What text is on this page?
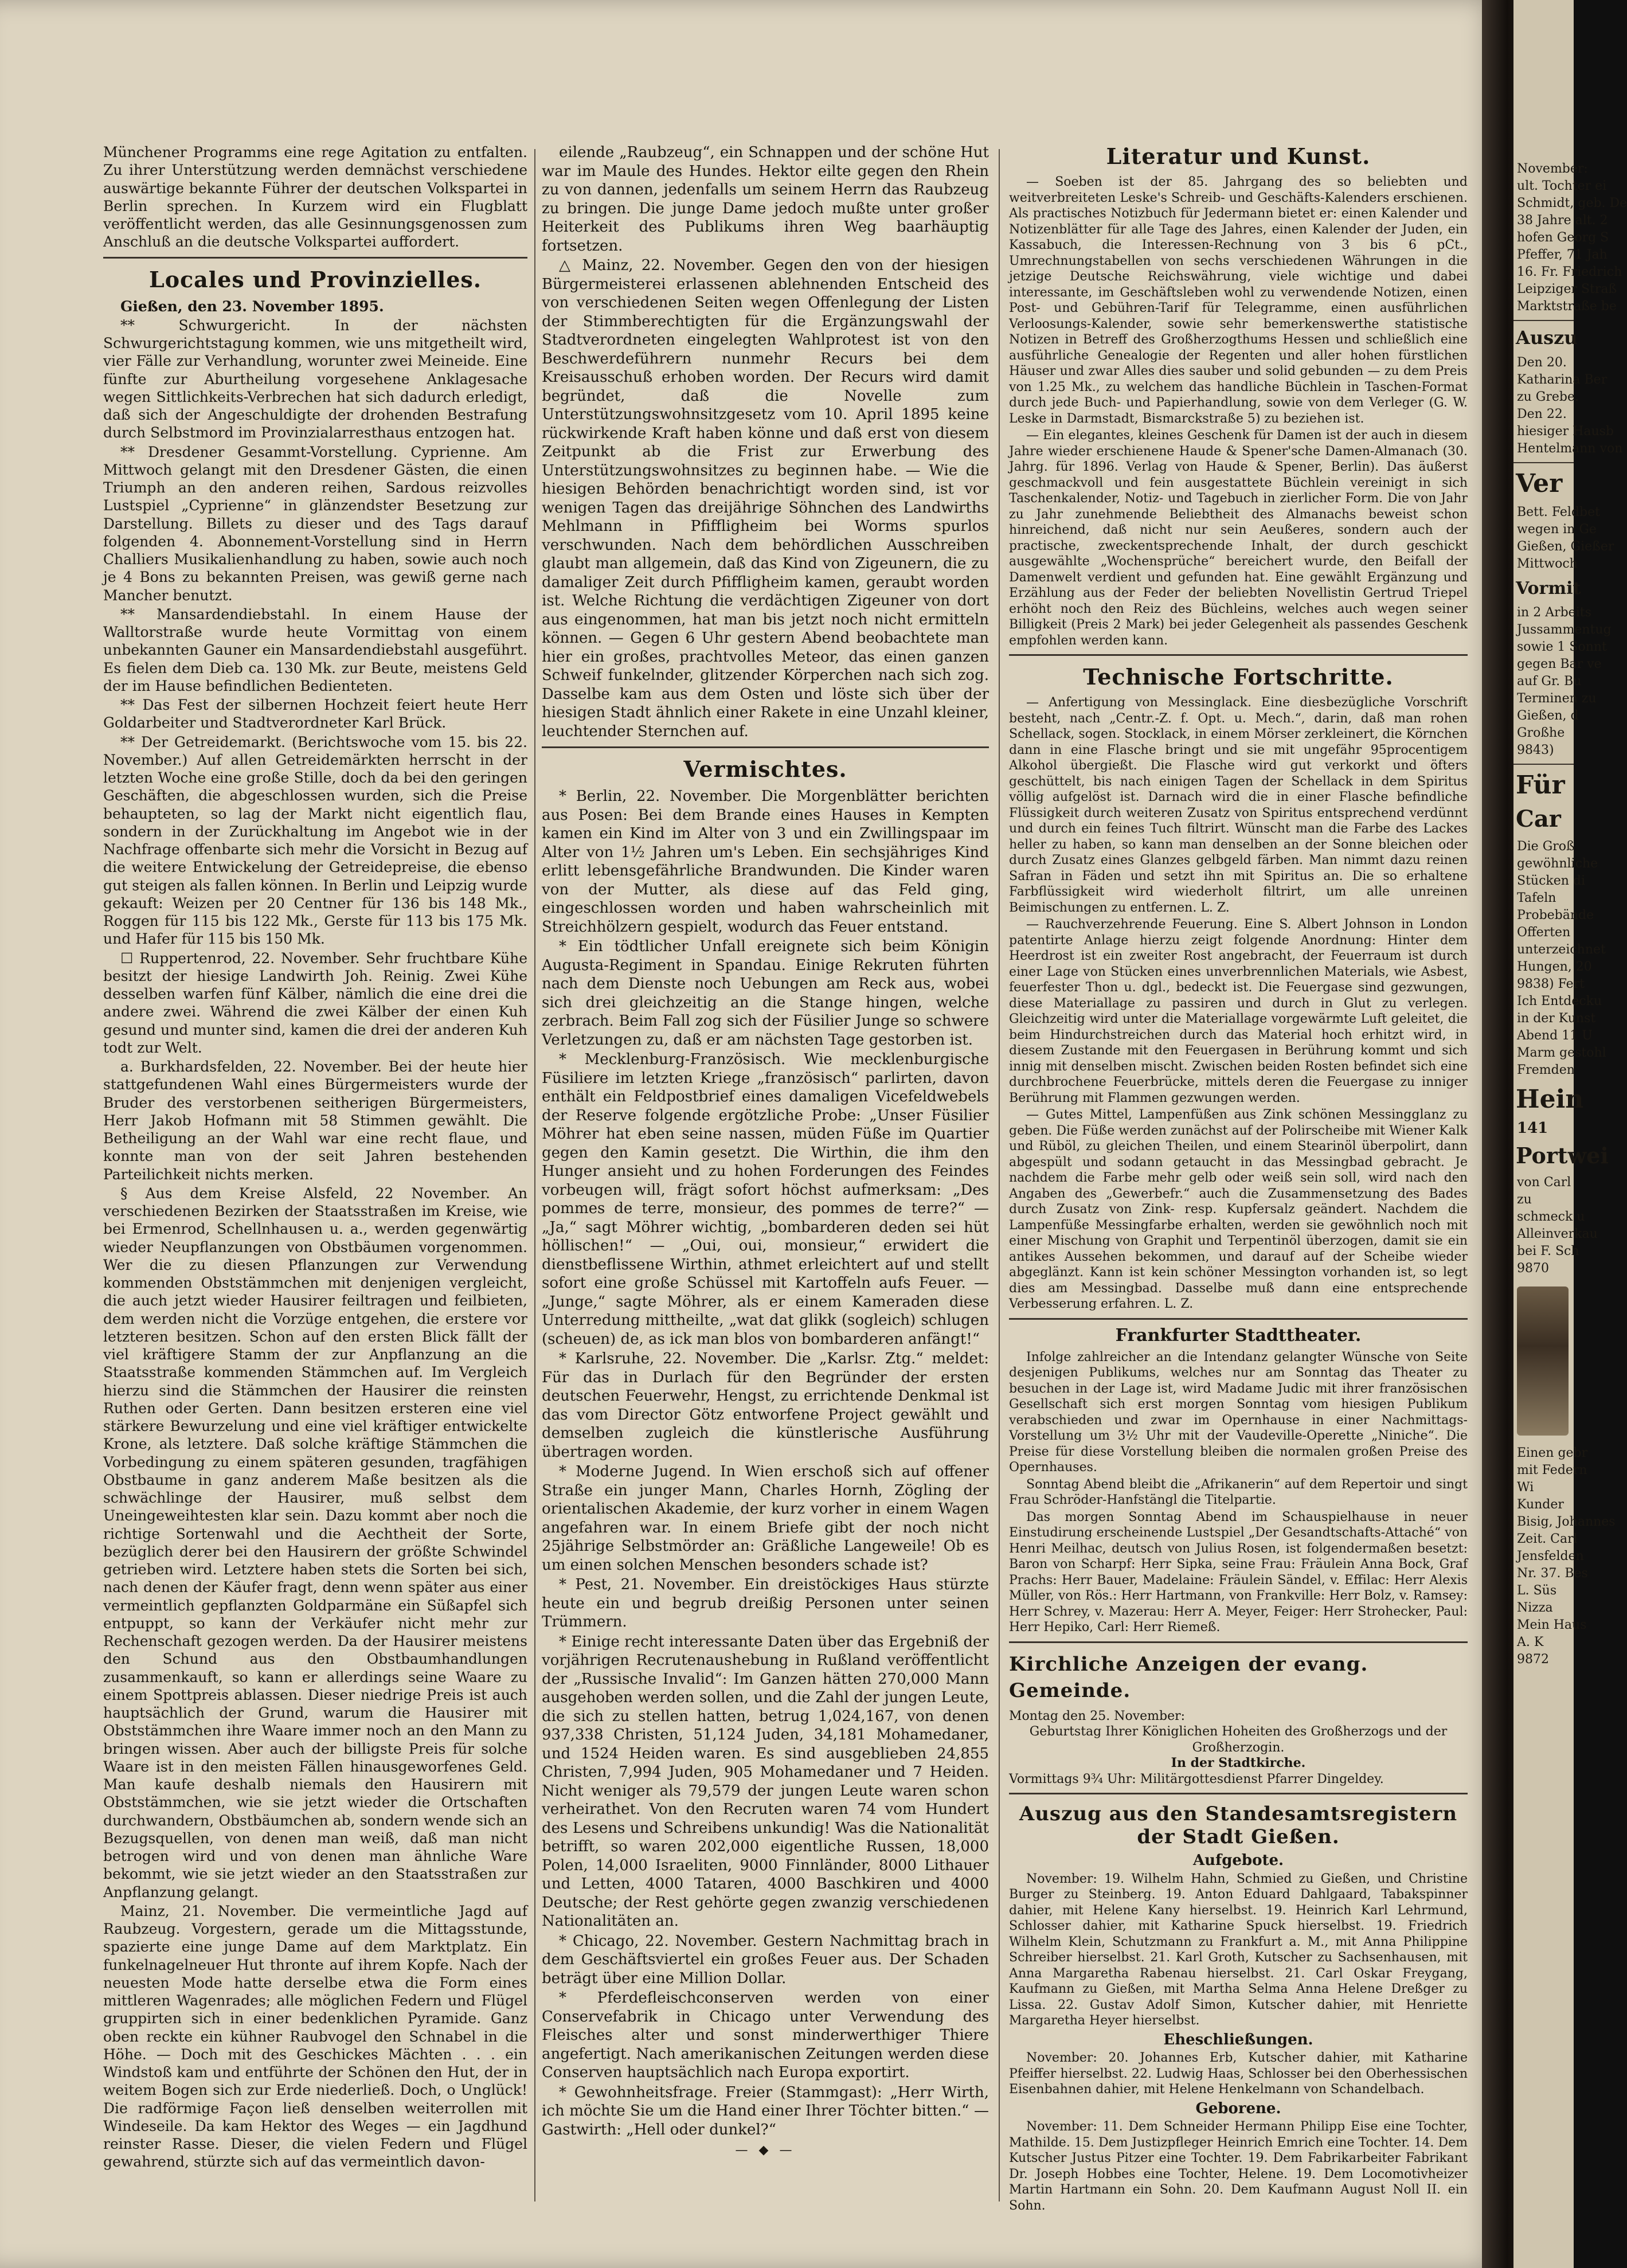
Münchener Programms eine rege Agitation zu entfalten. Zu ihrer Unterstützung werden demnächst verschiedene auswärtige bekannte Führer der deutschen Volkspartei in Berlin sprechen. In Kurzem wird ein Flugblatt veröffentlicht werden, das alle Gesinnungsgenossen zum Anschluß an die deutsche Volkspartei auffordert.

Locales und Provinzielles.

Gießen, den 23. November 1895.

** Schwurgericht. In der nächsten Schwurgerichtstagung kommen, wie uns mitgetheilt wird, vier Fälle zur Verhandlung, worunter zwei Meineide. Eine fünfte zur Aburtheilung vorgesehene Anklagesache wegen Sittlichkeits-Verbrechen hat sich dadurch erledigt, daß sich der Angeschuldigte der drohenden Bestrafung durch Selbstmord im Provinzialarresthaus entzogen hat.

** Dresdener Gesammt-Vorstellung. Cyprienne. Am Mittwoch gelangt mit den Dresdener Gästen, die einen Triumph an den anderen reihen, Sardous reizvolles Lustspiel „Cyprienne“ in glänzendster Besetzung zur Darstellung. Billets zu dieser und des Tags darauf folgenden 4. Abonnement-Vorstellung sind in Herrn Challiers Musikalienhandlung zu haben, sowie auch noch je 4 Bons zu bekannten Preisen, was gewiß gerne nach Mancher benutzt.

** Mansardendiebstahl. In einem Hause der Walltorstraße wurde heute Vormittag von einem unbekannten Gauner ein Mansardendiebstahl ausgeführt. Es fielen dem Dieb ca. 130 Mk. zur Beute, meistens Geld der im Hause befindlichen Bedienteten.

** Das Fest der silbernen Hochzeit feiert heute Herr Goldarbeiter und Stadtverordneter Karl Brück.

** Der Getreidemarkt. (Berichtswoche vom 15. bis 22. November.) Auf allen Getreidemärkten herrscht in der letzten Woche eine große Stille, doch da bei den geringen Geschäften, die abgeschlossen wurden, sich die Preise behaupteten, so lag der Markt nicht eigentlich flau, sondern in der Zurückhaltung im Angebot wie in der Nachfrage offenbarte sich mehr die Vorsicht in Bezug auf die weitere Entwickelung der Getreidepreise, die ebenso gut steigen als fallen können. In Berlin und Leipzig wurde gekauft: Weizen per 20 Centner für 136 bis 148 Mk., Roggen für 115 bis 122 Mk., Gerste für 113 bis 175 Mk. und Hafer für 115 bis 150 Mk.

☐ Ruppertenrod, 22. November. Sehr fruchtbare Kühe besitzt der hiesige Landwirth Joh. Reinig. Zwei Kühe desselben warfen fünf Kälber, nämlich die eine drei die andere zwei. Während die zwei Kälber der einen Kuh gesund und munter sind, kamen die drei der anderen Kuh todt zur Welt.

a. Burkhardsfelden, 22. November. Bei der heute hier stattgefundenen Wahl eines Bürgermeisters wurde der Bruder des verstorbenen seitherigen Bürgermeisters, Herr Jakob Hofmann mit 58 Stimmen gewählt. Die Betheiligung an der Wahl war eine recht flaue, und konnte man von der seit Jahren bestehenden Parteilichkeit nichts merken.

§ Aus dem Kreise Alsfeld, 22 November. An verschiedenen Bezirken der Staatsstraßen im Kreise, wie bei Ermenrod, Schellnhausen u. a., werden gegenwärtig wieder Neupflanzungen von Obstbäumen vorgenommen. Wer die zu diesen Pflanzungen zur Verwendung kommenden Obststämmchen mit denjenigen vergleicht, die auch jetzt wieder Hausirer feiltragen und feilbieten, dem werden nicht die Vorzüge entgehen, die erstere vor letzteren besitzen. Schon auf den ersten Blick fällt der viel kräftigere Stamm der zur Anpflanzung an die Staatsstraße kommenden Stämmchen auf. Im Vergleich hierzu sind die Stämmchen der Hausirer die reinsten Ruthen oder Gerten. Dann besitzen ersteren eine viel stärkere Bewurzelung und eine viel kräftiger entwickelte Krone, als letztere. Daß solche kräftige Stämmchen die Vorbedingung zu einem späteren gesunden, tragfähigen Obstbaume in ganz anderem Maße besitzen als die schwächlinge der Hausirer, muß selbst dem Uneingeweihtesten klar sein. Dazu kommt aber noch die richtige Sortenwahl und die Aechtheit der Sorte, bezüglich derer bei den Hausirern der größte Schwindel getrieben wird. Letztere haben stets die Sorten bei sich, nach denen der Käufer fragt, denn wenn später aus einer vermeintlich gepflanzten Goldparmäne ein Süßapfel sich entpuppt, so kann der Verkäufer nicht mehr zur Rechenschaft gezogen werden. Da der Hausirer meistens den Schund aus den Obstbaumhandlungen zusammenkauft, so kann er allerdings seine Waare zu einem Spottpreis ablassen. Dieser niedrige Preis ist auch hauptsächlich der Grund, warum die Hausirer mit Obststämmchen ihre Waare immer noch an den Mann zu bringen wissen. Aber auch der billigste Preis für solche Waare ist in den meisten Fällen hinausgeworfenes Geld. Man kaufe deshalb niemals den Hausirern mit Obststämmchen, wie sie jetzt wieder die Ortschaften durchwandern, Obstbäumchen ab, sondern wende sich an Bezugsquellen, von denen man weiß, daß man nicht betrogen wird und von denen man ähnliche Ware bekommt, wie sie jetzt wieder an den Staatsstraßen zur Anpflanzung gelangt.

Mainz, 21. November. Die vermeintliche Jagd auf Raubzeug. Vorgestern, gerade um die Mittagsstunde, spazierte eine junge Dame auf dem Marktplatz. Ein funkelnagelneuer Hut thronte auf ihrem Kopfe. Nach der neuesten Mode hatte derselbe etwa die Form eines mittleren Wagenrades; alle möglichen Federn und Flügel gruppirten sich in einer bedenklichen Pyramide. Ganz oben reckte ein kühner Raubvogel den Schnabel in die Höhe. — Doch mit des Geschickes Mächten . . . ein Windstoß kam und entführte der Schönen den Hut, der in weitem Bogen sich zur Erde niederließ. Doch, o Unglück! Die radförmige Façon ließ denselben weiterrollen mit Windeseile. Da kam Hektor des Weges — ein Jagdhund reinster Rasse. Dieser, die vielen Federn und Flügel gewahrend, stürzte sich auf das vermeintlich davon-

eilende „Raubzeug“, ein Schnappen und der schöne Hut war im Maule des Hundes. Hektor eilte gegen den Rhein zu von dannen, jedenfalls um seinem Herrn das Raubzeug zu bringen. Die junge Dame jedoch mußte unter großer Heiterkeit des Publikums ihren Weg baarhäuptig fortsetzen.

△ Mainz, 22. November. Gegen den von der hiesigen Bürgermeisterei erlassenen ablehnenden Entscheid des von verschiedenen Seiten wegen Offenlegung der Listen der Stimmberechtigten für die Ergänzungswahl der Stadtverordneten eingelegten Wahlprotest ist von den Beschwerdeführern nunmehr Recurs bei dem Kreisausschuß erhoben worden. Der Recurs wird damit begründet, daß die Novelle zum Unterstützungswohnsitzgesetz vom 10. April 1895 keine rückwirkende Kraft haben könne und daß erst von diesem Zeitpunkt ab die Frist zur Erwerbung des Unterstützungswohnsitzes zu beginnen habe. — Wie die hiesigen Behörden benachrichtigt worden sind, ist vor wenigen Tagen das dreijährige Söhnchen des Landwirths Mehlmann in Pfiffligheim bei Worms spurlos verschwunden. Nach dem behördlichen Ausschreiben glaubt man allgemein, daß das Kind von Zigeunern, die zu damaliger Zeit durch Pfiffligheim kamen, geraubt worden ist. Welche Richtung die verdächtigen Zigeuner von dort aus eingenommen, hat man bis jetzt noch nicht ermitteln können. — Gegen 6 Uhr gestern Abend beobachtete man hier ein großes, prachtvolles Meteor, das einen ganzen Schweif funkelnder, glitzender Körperchen nach sich zog. Dasselbe kam aus dem Osten und löste sich über der hiesigen Stadt ähnlich einer Rakete in eine Unzahl kleiner, leuchtender Sternchen auf.

Vermischtes.

* Berlin, 22. November. Die Morgenblätter berichten aus Posen: Bei dem Brande eines Hauses in Kempten kamen ein Kind im Alter von 3 und ein Zwillingspaar im Alter von 1½ Jahren um's Leben. Ein sechsjähriges Kind erlitt lebensgefährliche Brandwunden. Die Kinder waren von der Mutter, als diese auf das Feld ging, eingeschlossen worden und haben wahrscheinlich mit Streichhölzern gespielt, wodurch das Feuer entstand.

* Ein tödtlicher Unfall ereignete sich beim Königin Augusta-Regiment in Spandau. Einige Rekruten führten nach dem Dienste noch Uebungen am Reck aus, wobei sich drei gleichzeitig an die Stange hingen, welche zerbrach. Beim Fall zog sich der Füsilier Junge so schwere Verletzungen zu, daß er am nächsten Tage gestorben ist.

* Mecklenburg-Französisch. Wie mecklenburgische Füsiliere im letzten Kriege „französisch“ parlirten, davon enthält ein Feldpostbrief eines damaligen Vicefeldwebels der Reserve folgende ergötzliche Probe: „Unser Füsilier Möhrer hat eben seine nassen, müden Füße im Quartier gegen den Kamin gesetzt. Die Wirthin, die ihm den Hunger ansieht und zu hohen Forderungen des Feindes vorbeugen will, frägt sofort höchst aufmerksam: „Des pommes de terre, monsieur, des pommes de terre?“ — „Ja,“ sagt Möhrer wichtig, „bombarderen deden sei hüt höllischen!“ — „Oui, oui, monsieur,“ erwidert die dienstbeflissene Wirthin, athmet erleichtert auf und stellt sofort eine große Schüssel mit Kartoffeln aufs Feuer. — „Junge,“ sagte Möhrer, als er einem Kameraden diese Unterredung mittheilte, „wat dat glikk (sogleich) schlugen (scheuen) de, as ick man blos von bombarderen anfängt!“

* Karlsruhe, 22. November. Die „Karlsr. Ztg.“ meldet: Für das in Durlach für den Begründer der ersten deutschen Feuerwehr, Hengst, zu errichtende Denkmal ist das vom Director Götz entworfene Project gewählt und demselben zugleich die künstlerische Ausführung übertragen worden.

* Moderne Jugend. In Wien erschoß sich auf offener Straße ein junger Mann, Charles Hornh, Zögling der orientalischen Akademie, der kurz vorher in einem Wagen angefahren war. In einem Briefe gibt der noch nicht 25jährige Selbstmörder an: Gräßliche Langeweile! Ob es um einen solchen Menschen besonders schade ist?

* Pest, 21. November. Ein dreistöckiges Haus stürzte heute ein und begrub dreißig Personen unter seinen Trümmern.

* Einige recht interessante Daten über das Ergebniß der vorjährigen Recrutenaushebung in Rußland veröffentlicht der „Russische Invalid“: Im Ganzen hätten 270,000 Mann ausgehoben werden sollen, und die Zahl der jungen Leute, die sich zu stellen hatten, betrug 1,024,167, von denen 937,338 Christen, 51,124 Juden, 34,181 Mohamedaner, und 1524 Heiden waren. Es sind ausgeblieben 24,855 Christen, 7,994 Juden, 905 Mohamedaner und 7 Heiden. Nicht weniger als 79,579 der jungen Leute waren schon verheirathet. Von den Recruten waren 74 vom Hundert des Lesens und Schreibens unkundig! Was die Nationalität betrifft, so waren 202,000 eigentliche Russen, 18,000 Polen, 14,000 Israeliten, 9000 Finnländer, 8000 Lithauer und Letten, 4000 Tataren, 4000 Baschkiren und 4000 Deutsche; der Rest gehörte gegen zwanzig verschiedenen Nationalitäten an.

* Chicago, 22. November. Gestern Nachmittag brach in dem Geschäftsviertel ein großes Feuer aus. Der Schaden beträgt über eine Million Dollar.

* Pferdefleischconserven werden von einer Conservefabrik in Chicago unter Verwendung des Fleisches alter und sonst minderwerthiger Thiere angefertigt. Nach amerikanischen Zeitungen werden diese Conserven hauptsächlich nach Europa exportirt.

* Gewohnheitsfrage. Freier (Stammgast): „Herr Wirth, ich möchte Sie um die Hand einer Ihrer Töchter bitten.“ — Gastwirth: „Hell oder dunkel?“

— ◆ —
Literatur und Kunst.

— Soeben ist der 85. Jahrgang des so beliebten und weitverbreiteten Leske's Schreib- und Geschäfts-Kalenders erschienen. Als practisches Notizbuch für Jedermann bietet er: einen Kalender und Notizenblätter für alle Tage des Jahres, einen Kalender der Juden, ein Kassabuch, die Interessen-Rechnung von 3 bis 6 pCt., Umrechnungstabellen von sechs verschiedenen Währungen in die jetzige Deutsche Reichswährung, viele wichtige und dabei interessante, im Geschäftsleben wohl zu verwendende Notizen, einen Post- und Gebühren-Tarif für Telegramme, einen ausführlichen Verloosungs-Kalender, sowie sehr bemerkenswerthe statistische Notizen in Betreff des Großherzogthums Hessen und schließlich eine ausführliche Genealogie der Regenten und aller hohen fürstlichen Häuser und zwar Alles dies sauber und solid gebunden — zu dem Preis von 1.25 Mk., zu welchem das handliche Büchlein in Taschen-Format durch jede Buch- und Papierhandlung, sowie von dem Verleger (G. W. Leske in Darmstadt, Bismarckstraße 5) zu beziehen ist.

— Ein elegantes, kleines Geschenk für Damen ist der auch in diesem Jahre wieder erschienene Haude & Spener'sche Damen-Almanach (30. Jahrg. für 1896. Verlag von Haude & Spener, Berlin). Das äußerst geschmackvoll und fein ausgestattete Büchlein vereinigt in sich Taschenkalender, Notiz- und Tagebuch in zierlicher Form. Die von Jahr zu Jahr zunehmende Beliebtheit des Almanachs beweist schon hinreichend, daß nicht nur sein Aeußeres, sondern auch der practische, zweckentsprechende Inhalt, der durch geschickt ausgewählte „Wochensprüche“ bereichert wurde, den Beifall der Damenwelt verdient und gefunden hat. Eine gewählt Ergänzung und Erzählung aus der Feder der beliebten Novellistin Gertrud Triepel erhöht noch den Reiz des Büchleins, welches auch wegen seiner Billigkeit (Preis 2 Mark) bei jeder Gelegenheit als passendes Geschenk empfohlen werden kann.

Technische Fortschritte.

— Anfertigung von Messinglack. Eine diesbezügliche Vorschrift besteht, nach „Centr.-Z. f. Opt. u. Mech.“, darin, daß man rohen Schellack, sogen. Stocklack, in einem Mörser zerkleinert, die Körnchen dann in eine Flasche bringt und sie mit ungefähr 95procentigem Alkohol übergießt. Die Flasche wird gut verkorkt und öfters geschüttelt, bis nach einigen Tagen der Schellack in dem Spiritus völlig aufgelöst ist. Darnach wird die in einer Flasche befindliche Flüssigkeit durch weiteren Zusatz von Spiritus entsprechend verdünnt und durch ein feines Tuch filtrirt. Wünscht man die Farbe des Lackes heller zu haben, so kann man denselben an der Sonne bleichen oder durch Zusatz eines Glanzes gelbgeld färben. Man nimmt dazu reinen Safran in Fäden und setzt ihn mit Spiritus an. Die so erhaltene Farbflüssigkeit wird wiederholt filtrirt, um alle unreinen Beimischungen zu entfernen. L. Z.

— Rauchverzehrende Feuerung. Eine S. Albert Johnson in London patentirte Anlage hierzu zeigt folgende Anordnung: Hinter dem Heerdrost ist ein zweiter Rost angebracht, der Feuerraum ist durch einer Lage von Stücken eines unverbrennlichen Materials, wie Asbest, feuerfester Thon u. dgl., bedeckt ist. Die Feuergase sind gezwungen, diese Materiallage zu passiren und durch in Glut zu verlegen. Gleichzeitig wird unter die Materiallage vorgewärmte Luft geleitet, die beim Hindurchstreichen durch das Material hoch erhitzt wird, in diesem Zustande mit den Feuergasen in Berührung kommt und sich innig mit denselben mischt. Zwischen beiden Rosten befindet sich eine durchbrochene Feuerbrücke, mittels deren die Feuergase zu inniger Berührung mit Flammen gezwungen werden.

— Gutes Mittel, Lampenfüßen aus Zink schönen Messingglanz zu geben. Die Füße werden zunächst auf der Polirscheibe mit Wiener Kalk und Rüböl, zu gleichen Theilen, und einem Stearinöl überpolirt, dann abgespült und sodann getaucht in das Messingbad gebracht. Je nachdem die Farbe mehr gelb oder weiß sein soll, wird nach den Angaben des „Gewerbefr.“ auch die Zusammensetzung des Bades durch Zusatz von Zink- resp. Kupfersalz geändert. Nachdem die Lampenfüße Messingfarbe erhalten, werden sie gewöhnlich noch mit einer Mischung von Graphit und Terpentinöl überzogen, damit sie ein antikes Aussehen bekommen, und darauf auf der Scheibe wieder abgeglänzt. Kann ist kein schöner Messington vorhanden ist, so legt dies am Messingbad. Dasselbe muß dann eine entsprechende Verbesserung erfahren. L. Z.

Frankfurter Stadttheater.

Infolge zahlreicher an die Intendanz gelangter Wünsche von Seite desjenigen Publikums, welches nur am Sonntag das Theater zu besuchen in der Lage ist, wird Madame Judic mit ihrer französischen Gesellschaft sich erst morgen Sonntag vom hiesigen Publikum verabschieden und zwar im Opernhause in einer Nachmittags-Vorstellung um 3½ Uhr mit der Vaudeville-Operette „Niniche“. Die Preise für diese Vorstellung bleiben die normalen großen Preise des Opernhauses.

Sonntag Abend bleibt die „Afrikanerin“ auf dem Repertoir und singt Frau Schröder-Hanfstängl die Titelpartie.

Das morgen Sonntag Abend im Schauspielhause in neuer Einstudirung erscheinende Lustspiel „Der Gesandtschafts-Attaché“ von Henri Meilhac, deutsch von Julius Rosen, ist folgendermaßen besetzt: Baron von Scharpf: Herr Sipka, seine Frau: Fräulein Anna Bock, Graf Prachs: Herr Bauer, Madelaine: Fräulein Sändel, v. Effilac: Herr Alexis Müller, von Rös.: Herr Hartmann, von Frankville: Herr Bolz, v. Ramsey: Herr Schrey, v. Mazerau: Herr A. Meyer, Feiger: Herr Strohecker, Paul: Herr Hepiko, Carl: Herr Riemeß.

Kirchliche Anzeigen der evang. Gemeinde.
Montag den 25. November:
Geburtstag Ihrer Königlichen Hoheiten des Großherzogs und der Großherzogin.
In der Stadtkirche.
Vormittags 9¾ Uhr: Militärgottesdienst Pfarrer Dingeldey.
Auszug aus den Standesamtsregistern der Stadt Gießen.
Aufgebote.

November: 19. Wilhelm Hahn, Schmied zu Gießen, und Christine Burger zu Steinberg. 19. Anton Eduard Dahlgaard, Tabakspinner dahier, mit Helene Kany hierselbst. 19. Heinrich Karl Lehrmund, Schlosser dahier, mit Katharine Spuck hierselbst. 19. Friedrich Wilhelm Klein, Schutzmann zu Frankfurt a. M., mit Anna Philippine Schreiber hierselbst. 21. Karl Groth, Kutscher zu Sachsenhausen, mit Anna Margaretha Rabenau hierselbst. 21. Carl Oskar Freygang, Kaufmann zu Gießen, mit Martha Selma Anna Helene Dreßger zu Lissa. 22. Gustav Adolf Simon, Kutscher dahier, mit Henriette Margaretha Heyer hierselbst.

Eheschließungen.

November: 20. Johannes Erb, Kutscher dahier, mit Katharine Pfeiffer hierselbst. 22. Ludwig Haas, Schlosser bei den Oberhessischen Eisenbahnen dahier, mit Helene Henkelmann von Schandelbach.

Geborene.

November: 11. Dem Schneider Hermann Philipp Eise eine Tochter, Mathilde. 15. Dem Justizpfleger Heinrich Emrich eine Tochter. 14. Dem Kutscher Justus Pitzer eine Tochter. 19. Dem Fabrikarbeiter Fabrikant Dr. Joseph Hobbes eine Tochter, Helene. 19. Dem Locomotivheizer Martin Hartmann ein Sohn. 20. Dem Kaufmann August Noll II. ein Sohn.

November:
ult. Tochter ei
Schmidt, geb. De
38 Jahre alt. 2
hofen Georg S
Pfeffer, 71 Jah
16. Fr. Friedrich
Leipziger Straß
Marktstraße be
Auszu
Den 20.
Katharina Ber
zu Grebe.
Den 22.
hiesiger Hausb
Hentelmann von
Ver
Bett. Feldbet
wegen in Ge
Gießen, Gießer
Mittwoch
Vormit
in 2 Arbeits
Jussammentug
sowie 1 Sonnt
gegen Bar ve
auf Gr. Bu
Terminen zu
Gießen, d
Großhe
9843)
Für
Car
Die Groß
gewöhnliche
Stücken di
Tafeln
Probebände
Offerten
unterzeichnet
Hungen, 20
9838) Fert
Ich Entdecku
in der Kunst
Abend 11 U
Marm gestohl
Fremden
Hein
141
Portwei
von Carl
zu
schmeck u
Alleinverkau
bei F. Sch
9870
Einen gebr
mit Federn
Wi
Kunder
Bisig, Johannes
Zeit. Carl
Jensfelden
Nr. 37. Bes
L. Süs
Nizza
Mein Haus
A. K
9872
